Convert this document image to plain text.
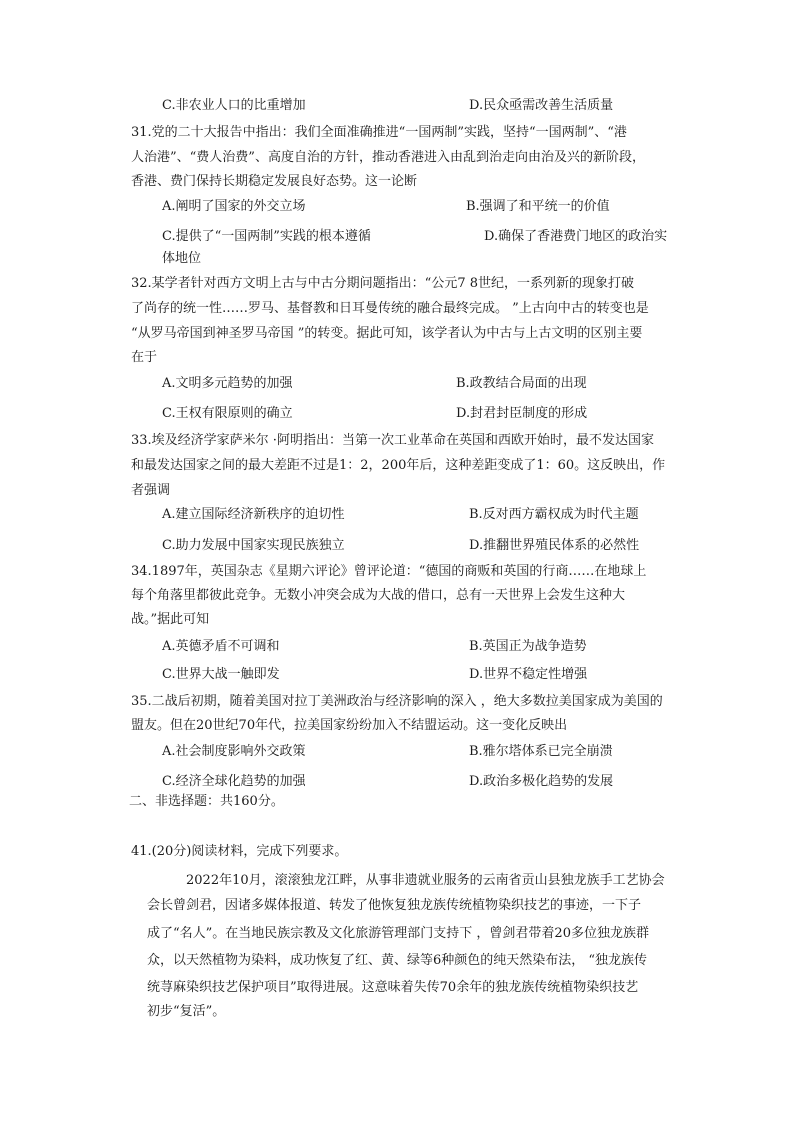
C.非农业人口的比重增加	D.民众亟需改善生活质量
31.党的二十大报告中指出：我们全面准确推进“一国两制”实践，坚持“一国两制”、“港
人治港”、“费人治费”、高度自治的方针，推动香港进入由乱到治走向由治及兴的新阶段，
香港、费门保持长期稳定发展良好态势。这一论断
A.阐明了国家的外交立场	B.强调了和平统一的价值
C.提供了“一国两制”实践的根本遵循	D.确保了香港费门地区的政治实
体地位
32.某学者针对西方文明上古与中古分期问题指出：“公元7 8世纪，一系列新的现象打破
了尚存的统一性……罗马、基督教和日耳曼传统的融合最终完成。 ”上古向中古的转变也是
“从罗马帝国到神圣罗马帝国 ”的转变。据此可知，该学者认为中古与上古文明的区别主要
在于
A.文明多元趋势的加强	B.政教结合局面的出现
C.王权有限原则的确立	D.封君封臣制度的形成
33.埃及经济学家萨米尔 ·阿明指出：当第一次工业革命在英国和西欧开始时，最不发达国家
和最发达国家之间的最大差距不过是1：2，200年后，这种差距变成了1：60。这反映出，作
者强调
A.建立国际经济新秩序的迫切性	B.反对西方霸权成为时代主题
C.助力发展中国家实现民族独立	D.推翻世界殖民体系的必然性
34.1897年，英国杂志《星期六评论》曾评论道：“德国的商贩和英国的行商……在地球上
每个角落里都彼此竞争。无数小冲突会成为大战的借口，总有一天世界上会发生这种大
战。”据此可知
A.英德矛盾不可调和	B.英国正为战争造势
C.世界大战一触即发	D.世界不稳定性增强
35.二战后初期，随着美国对拉丁美洲政治与经济影响的深入 ，绝大多数拉美国家成为美国的
盟友。但在20世纪70年代，拉美国家纷纷加入不结盟运动。这一变化反映出
A.社会制度影响外交政策	B.雅尔塔体系已完全崩溃
C.经济全球化趋势的加强	D.政治多极化趋势的发展
二、非选择题：共160分。
41.(20分)阅读材料，完成下列要求。
2022年10月，滚滚独龙江畔，从事非遗就业服务的云南省贡山县独龙族手工艺协会
会长曾剑君，因诸多媒体报道、转发了他恢复独龙族传统植物染织技艺的事迹，一下子
成了“名人”。在当地民族宗教及文化旅游管理部门支持下 ，曾剑君带着20多位独龙族群
众，以天然植物为染料，成功恢复了红、黄、绿等6种颜色的纯天然染布法， “独龙族传
统荨麻染织技艺保护项目”取得进展。这意味着失传70余年的独龙族传统植物染织技艺
初步“复活”。
